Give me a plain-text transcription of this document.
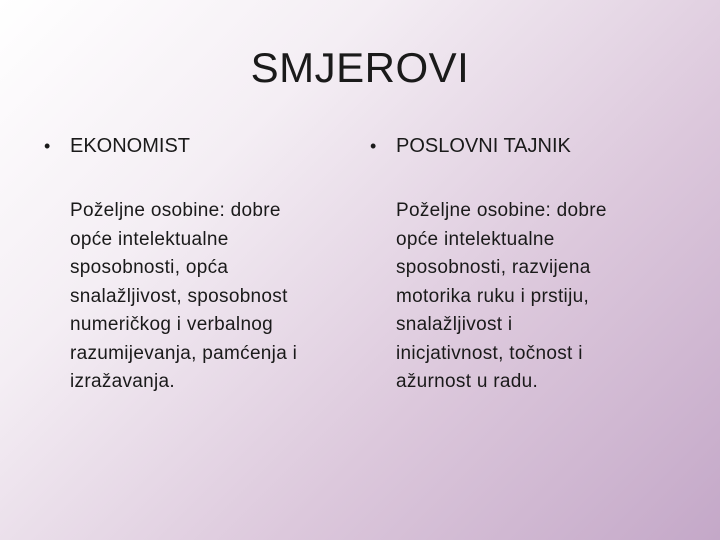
SMJEROVI
• EKONOMIST
Poželjne osobine: dobre
opće intelektualne
sposobnosti, opća
snalažljivost, sposobnost
numeričkog i verbalnog
razumijevanja, pamćenja i
izražavanja.
• POSLOVNI TAJNIK
Poželjne osobine: dobre
opće intelektualne
sposobnosti, razvijena
motorika ruku i prstiju,
snalažljivost i
inicjativnost, točnost i
ažurnost u radu.
